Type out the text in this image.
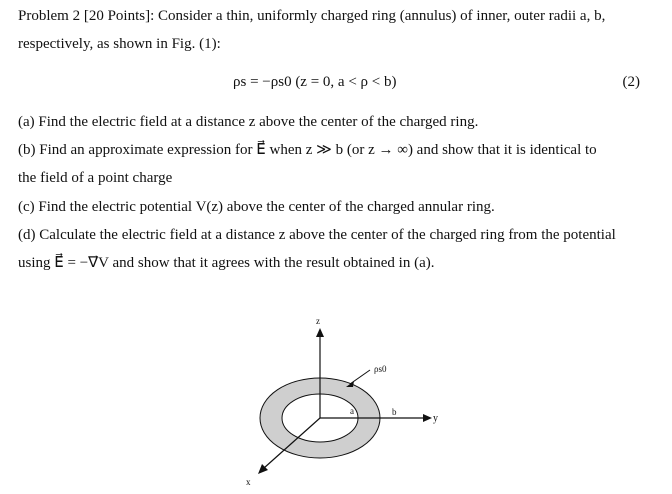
Problem 2 [20 Points]: Consider a thin, uniformly charged ring (annulus) of inner, outer radii a, b,
respectively, as shown in Fig. (1):
ρs = −ρs0 (z = 0, a < ρ < b)	(2)
(a) Find the electric field at a distance z above the center of the charged ring.
(b) Find an approximate expression for E⃗ when z ≫ b (or z → ∞) and show that it is identical to
the field of a point charge
(c) Find the electric potential V(z) above the center of the charged annular ring.
(d) Calculate the electric field at a distance z above the center of the charged ring from the potential
using E⃗ = −∇⃗V and show that it agrees with the result obtained in (a).
z
y
x
a	b
ρs0
